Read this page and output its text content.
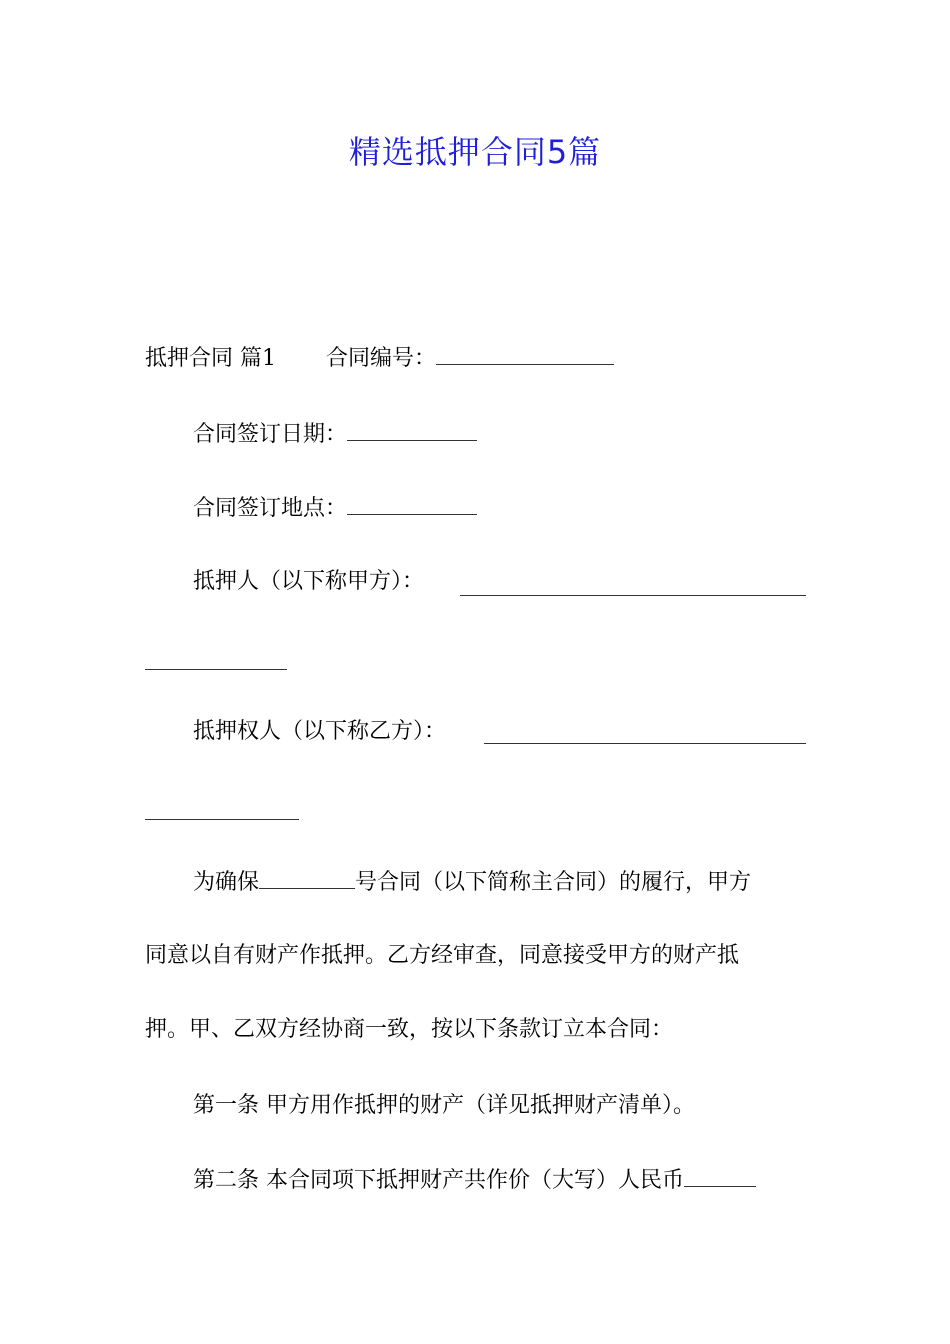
精选抵押合同5篇
抵押合同 篇1 合同编号：
合同签订日期：
合同签订地点：
抵押人（以下称甲方）：
抵押权人（以下称乙方）：
为确保	号合同（以下简称主合同）的履行，甲方
同意以自有财产作抵押。乙方经审查，同意接受甲方的财产抵
押。甲、乙双方经协商一致，按以下条款订立本合同：
第一条 甲方用作抵押的财产（详见抵押财产清单）。
第二条 本合同项下抵押财产共作价（大写）人民币
